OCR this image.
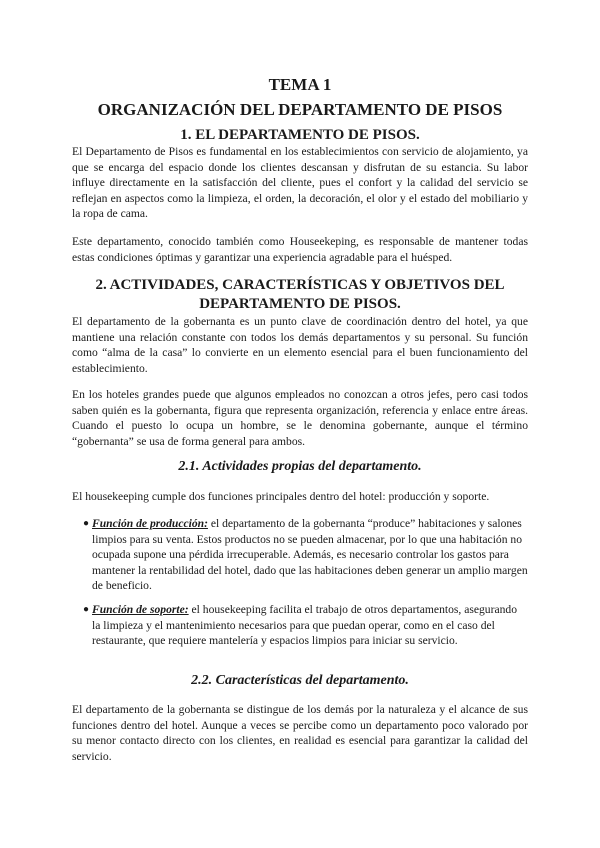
TEMA 1
ORGANIZACIÓN DEL DEPARTAMENTO DE PISOS
1. EL DEPARTAMENTO DE PISOS.

El Departamento de Pisos es fundamental en los establecimientos con servicio de alojamiento, ya que se encarga del espacio donde los clientes descansan y disfrutan de su estancia. Su labor influye directamente en la satisfacción del cliente, pues el confort y la calidad del servicio se reflejan en aspectos como la limpieza, el orden, la decoración, el olor y el estado del mobiliario y la ropa de cama.

Este departamento, conocido también como Houseekeping, es responsable de mantener todas estas condiciones óptimas y garantizar una experiencia agradable para el huésped.

2. ACTIVIDADES, CARACTERÍSTICAS Y OBJETIVOS DEL DEPARTAMENTO DE PISOS.

El departamento de la gobernanta es un punto clave de coordinación dentro del hotel, ya que mantiene una relación constante con todos los demás departamentos y su personal. Su función como “alma de la casa” lo convierte en un elemento esencial para el buen funcionamiento del establecimiento.

En los hoteles grandes puede que algunos empleados no conozcan a otros jefes, pero casi todos saben quién es la gobernanta, figura que representa organización, referencia y enlace entre áreas. Cuando el puesto lo ocupa un hombre, se le denomina gobernante, aunque el término “gobernanta” se usa de forma general para ambos.

2.1. Actividades propias del departamento.

El housekeeping cumple dos funciones principales dentro del hotel: producción y soporte.

● Función de producción: el departamento de la gobernanta “produce” habitaciones y salones limpios para su venta. Estos productos no se pueden almacenar, por lo que una habitación no ocupada supone una pérdida irrecuperable. Además, es necesario controlar los gastos para mantener la rentabilidad del hotel, dado que las habitaciones deben generar un amplio margen de beneficio.
● Función de soporte: el housekeeping facilita el trabajo de otros departamentos, asegurando la limpieza y el mantenimiento necesarios para que puedan operar, como en el caso del restaurante, que requiere mantelería y espacios limpios para iniciar su servicio.
2.2. Características del departamento.

El departamento de la gobernanta se distingue de los demás por la naturaleza y el alcance de sus funciones dentro del hotel. Aunque a veces se percibe como un departamento poco valorado por su menor contacto directo con los clientes, en realidad es esencial para garantizar la calidad del servicio.
